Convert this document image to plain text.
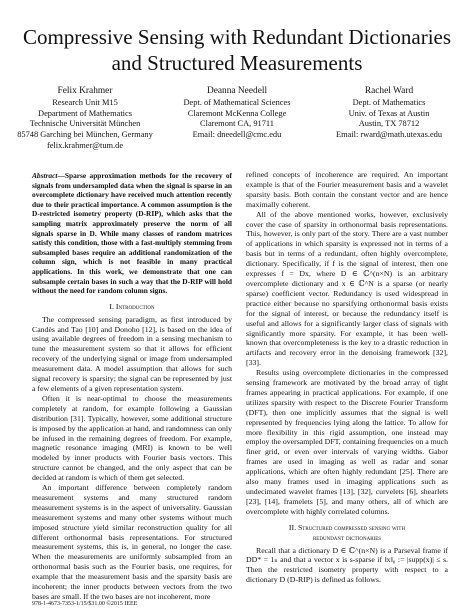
Compressive Sensing with Redundant Dictionaries
and Structured Measurements
Felix Krahmer
Research Unit M15
Department of Mathematics
Technische Universität München
85748 Garching bei München, Germany
felix.krahmer@tum.de
Deanna Needell
Dept. of Mathematical Sciences
Claremont McKenna College
Claremont CA, 91711
Email: dneedell@cmc.edu
Rachel Ward
Dept. of Mathematics
Univ. of Texas at Austin
Austin, TX 78712
Email: rward@math.utexas.edu
Abstract—Sparse approximation methods for the recovery of signals from undersampled data when the signal is sparse in an overcomplete dictionary have received much attention recently due to their practical importance. A common assumption is the D-restricted isometry property (D-RIP), which asks that the sampling matrix approximately preserve the norm of all signals sparse in D. While many classes of random matrices satisfy this condition, those with a fast-multiply stemming from subsampled bases require an additional randomization of the column sign, which is not feasible in many practical applications. In this work, we demonstrate that one can subsample certain bases in such a way that the D-RIP will hold without the need for random column signs.
I. Introduction

The compressed sensing paradigm, as first introduced by Candès and Tao [10] and Donoho [12], is based on the idea of using available degrees of freedom in a sensing mechanism to tune the measurement system so that it allows for efficient recovery of the underlying signal or image from undersampled measurement data. A model assumption that allows for such signal recovery is sparsity; the signal can be represented by just a few elements of a given representation system.

Often it is near-optimal to choose the measurements completely at random, for example following a Gaussian distribution [31]. Typically, however, some additional structure is imposed by the application at hand, and randomness can only be infused in the remaining degrees of freedom. For example, magnetic resonance imaging (MRI) is known to be well modeled by inner products with Fourier basis vectors. This structure cannot be changed, and the only aspect that can be decided at random is which of them get selected.

An important difference between completely random measurement systems and many structured random measurement systems is in the aspect of universality. Gaussian measurement systems and many other systems without much imposed structure yield similar reconstruction quality for all different orthonormal basis representations. For structured measurement systems, this is, in general, no longer the case. When the measurements are uniformly subsampled from an orthonormal basis such as the Fourier basis, one requires, for example that the measurement basis and the sparsity basis are incoherent; the inner products between vectors from the two bases are small. If the two bases are not incoherent, more

refined concepts of incoherence are required. An important example is that of the Fourier measurement basis and a wavelet sparsity basis. Both contain the constant vector and are hence maximally coherent.

All of the above mentioned works, however, exclusively cover the case of sparsity in orthonormal basis representations. This, however, is only part of the story. There are a vast number of applications in which sparsity is expressed not in terms of a basis but in terms of a redundant, often highly overcomplete, dictionary. Specifically, if f is the signal of interest, then one expresses f = Dx, where D ∈ ℂ^(n×N) is an arbitrary overcomplete dictionary and x ∈ ℂ^N is a sparse (or nearly sparse) coefficient vector. Redundancy is used widespread in practice either because no sparsifying orthonormal basis exists for the signal of interest, or because the redundancy itself is useful and allows for a significantly larger class of signals with significantly more sparsity. For example, it has been well-known that overcompleteness is the key to a drastic reduction in artifacts and recovery error in the denoising framework [32], [33].

Results using overcomplete dictionaries in the compressed sensing framework are motivated by the broad array of tight frames appearing in practical applications. For example, if one utilizes sparsity with respect to the Discrete Fourier Transform (DFT), then one implicitly assumes that the signal is well represented by frequencies lying along the lattice. To allow for more flexibility in this rigid assumption, one instead may employ the oversampled DFT, containing frequencies on a much finer grid, or even over intervals of varying widths. Gabor frames are used in imaging as well as radar and sonar applications, which are often highly redundant [25]. There are also many frames used in imaging applications such as undecimated wavelet frames [13], [32], curvelets [6], shearlets [23], [14], framelets [5], and many others, all of which are overcomplete with highly correlated columns.

II. Structured compressed sensing with
redundant dictionaries

Recall that a dictionary D ∈ ℂ^(n×N) is a Parseval frame if DD* = 1ₙ and that a vector x is s-sparse if ‖x‖₀ := |supp(x)| ≤ s. Then the restricted isometry property with respect to a dictionary D (D-RIP) is defined as follows.

978-1-4673-7353-1/15/$31.00 ©2015 IEEE
